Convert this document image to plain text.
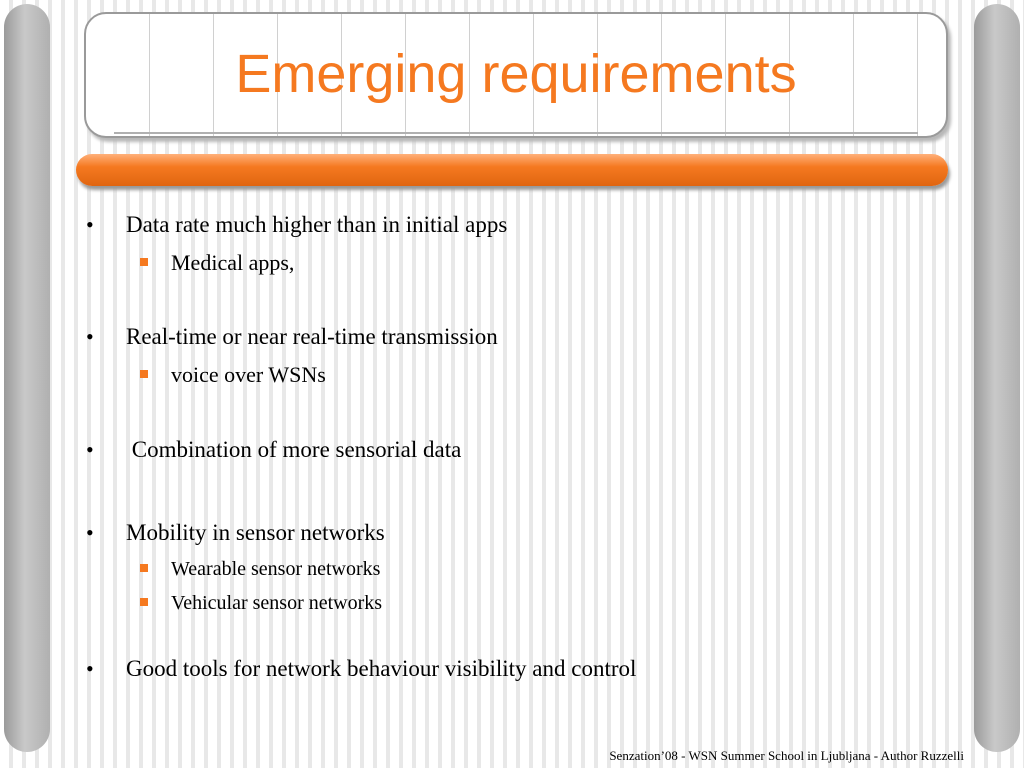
Emerging requirements
• Data rate much higher than in initial apps
Medical apps,
• Real-time or near real-time transmission
voice over WSNs
• Combination of more sensorial data
• Mobility in sensor networks
Wearable sensor networks
Vehicular sensor networks
• Good tools for network behaviour visibility and control
Senzation’08 - WSN Summer School in Ljubljana - Author Ruzzelli
